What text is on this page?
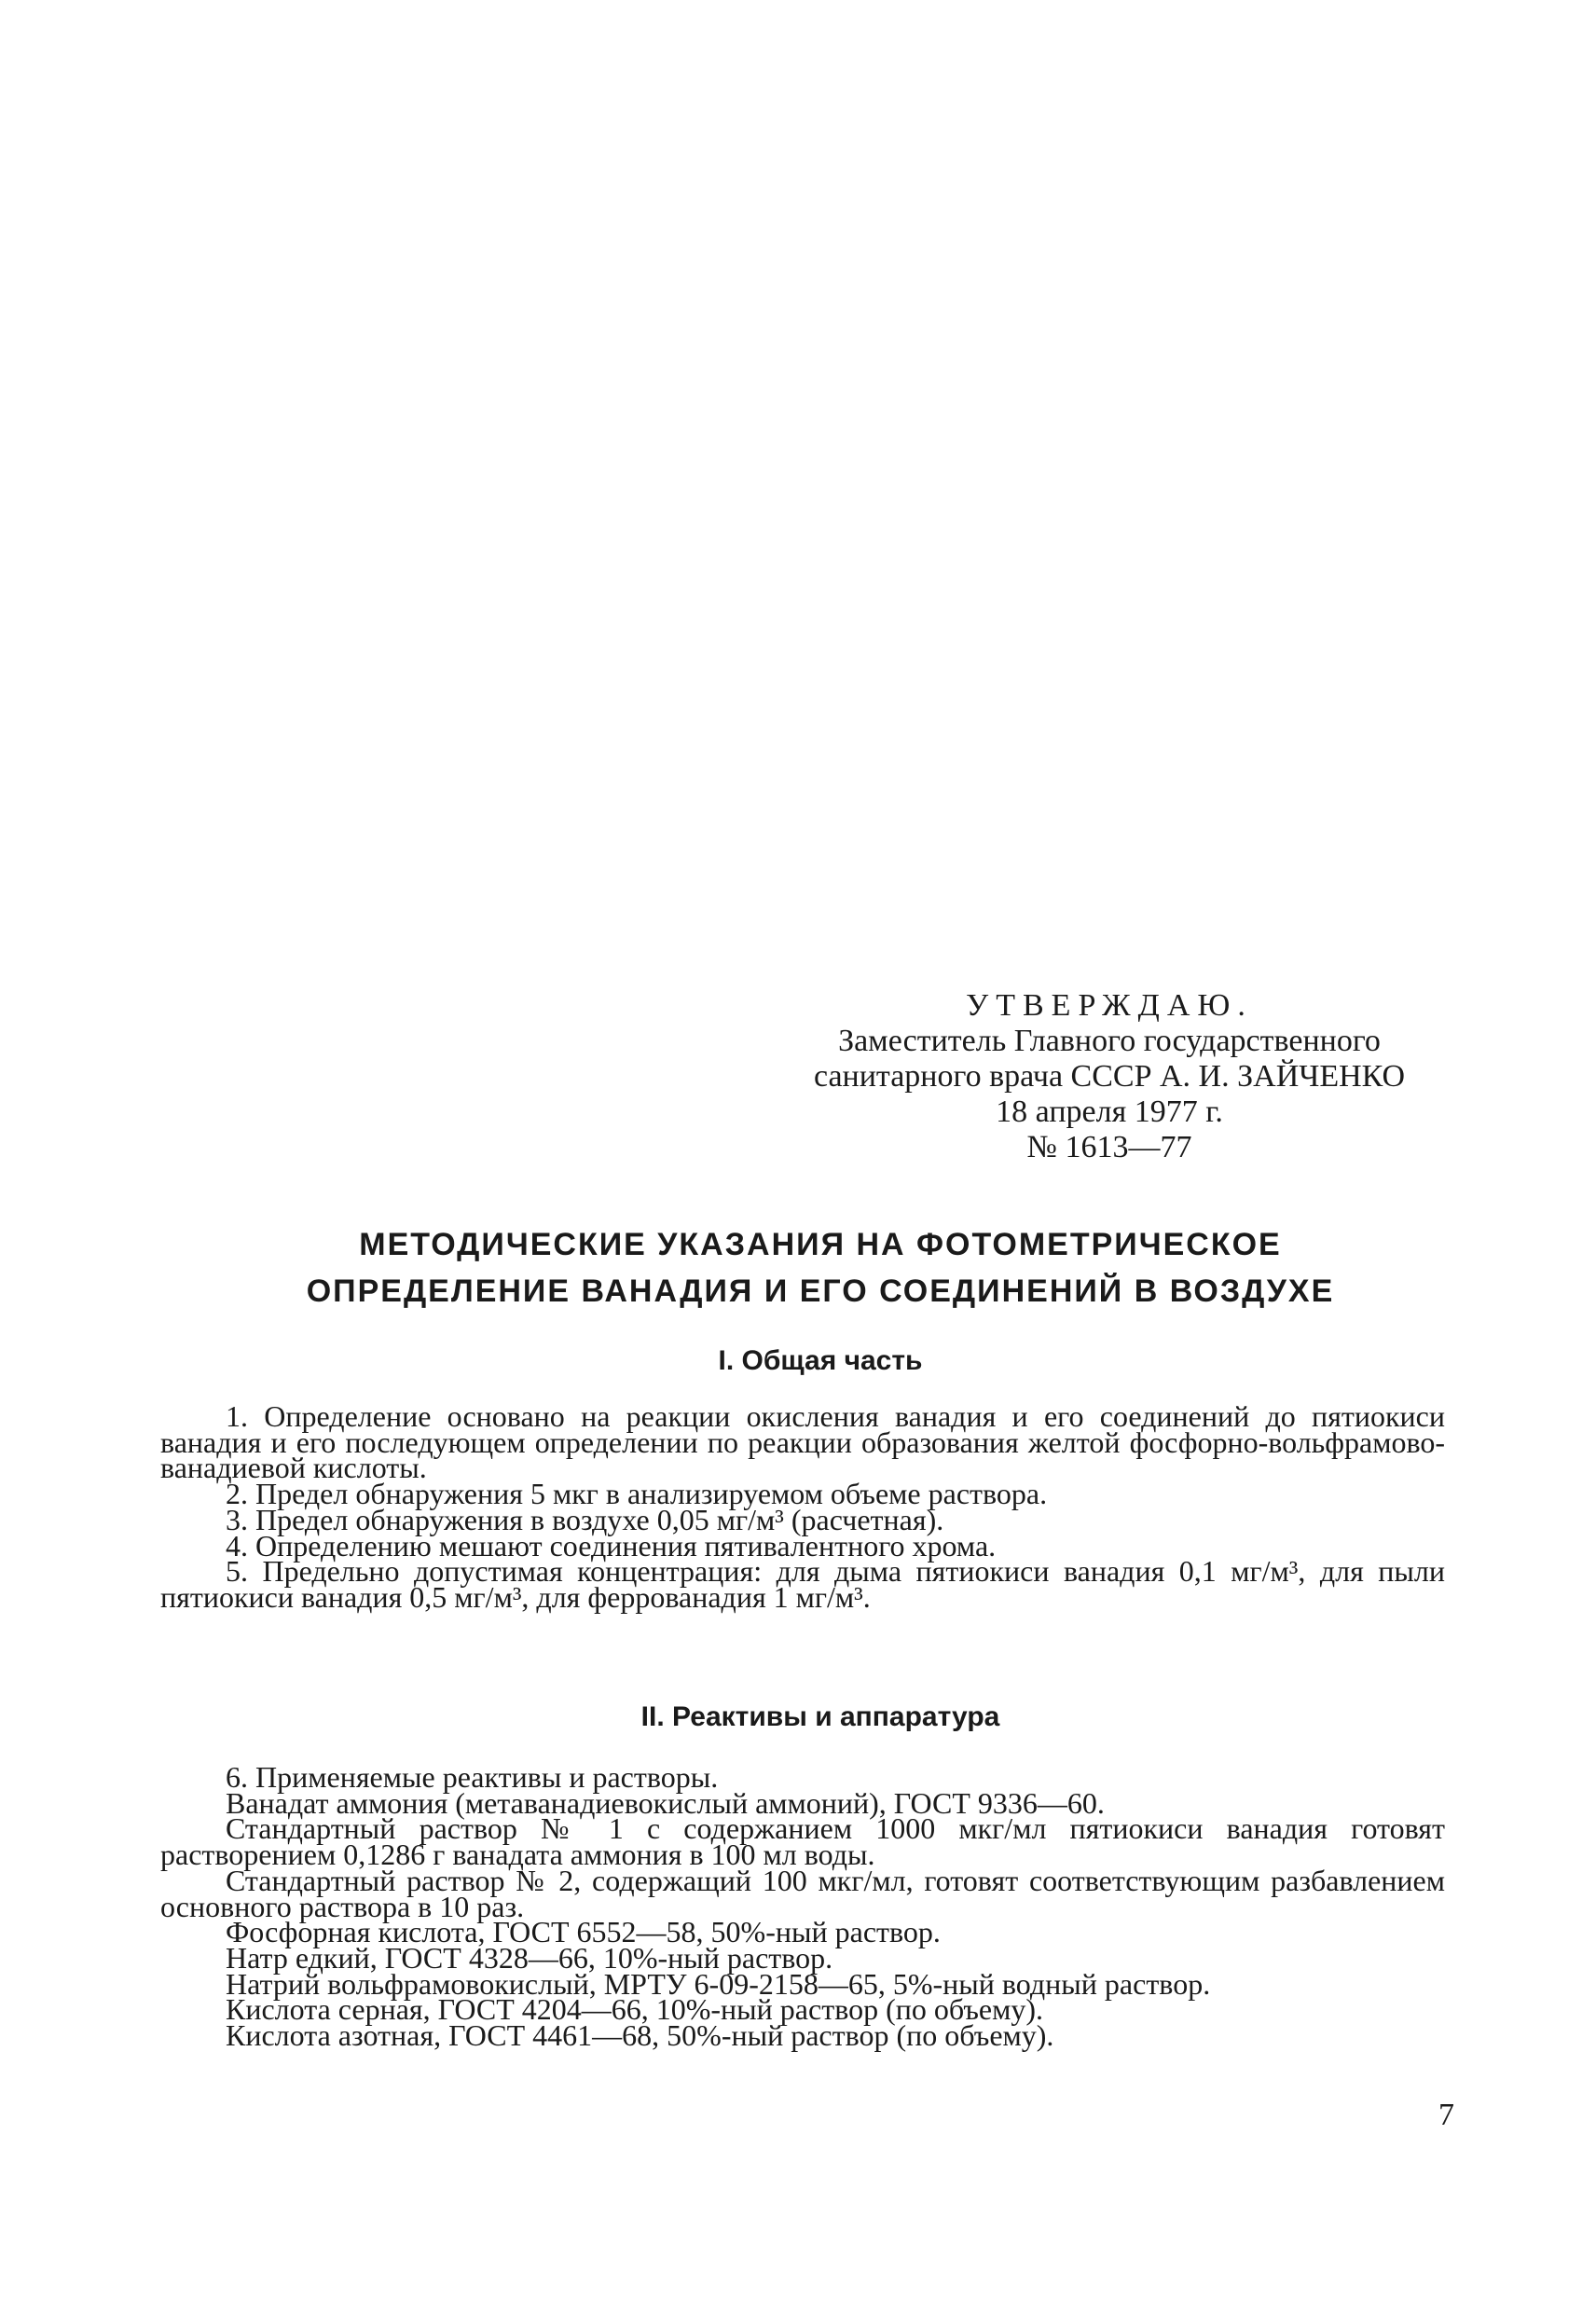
УТВЕРЖДАЮ.
Заместитель Главного государственного
санитарного врача СССР А. И. ЗАЙЧЕНКО
18 апреля 1977 г.
№ 1613—77
МЕТОДИЧЕСКИЕ УКАЗАНИЯ НА ФОТОМЕТРИЧЕСКОЕ
ОПРЕДЕЛЕНИЕ ВАНАДИЯ И ЕГО СОЕДИНЕНИЙ В ВОЗДУХЕ
I. Общая часть

1. Определение основано на реакции окисления ванадия и его соединений до пятиокиси ванадия и его последующем определении по реакции образования желтой фосфорно-вольфрамово-ванадиевой кислоты.

2. Предел обнаружения 5 мкг в анализируемом объеме раствора.

3. Предел обнаружения в воздухе 0,05 мг/м³ (расчетная).

4. Определению мешают соединения пятивалентного хрома.

5. Предельно допустимая концентрация: для дыма пятиокиси ванадия 0,1 мг/м³, для пыли пятиокиси ванадия 0,5 мг/м³, для феррованадия 1 мг/м³.

II. Реактивы и аппаратура

6. Применяемые реактивы и растворы.

Ванадат аммония (метаванадиевокислый аммоний), ГОСТ 9336—60.

Стандартный раствор № 1 с содержанием 1000 мкг/мл пятиокиси ванадия готовят растворением 0,1286 г ванадата аммония в 100 мл воды.

Стандартный раствор № 2, содержащий 100 мкг/мл, готовят соответствующим разбавлением основного раствора в 10 раз.

Фосфорная кислота, ГОСТ 6552—58, 50%-ный раствор.

Натр едкий, ГОСТ 4328—66, 10%-ный раствор.

Натрий вольфрамовокислый, МРТУ 6-09-2158—65, 5%-ный водный раствор.

Кислота серная, ГОСТ 4204—66, 10%-ный раствор (по объему).

Кислота азотная, ГОСТ 4461—68, 50%-ный раствор (по объему).

7
